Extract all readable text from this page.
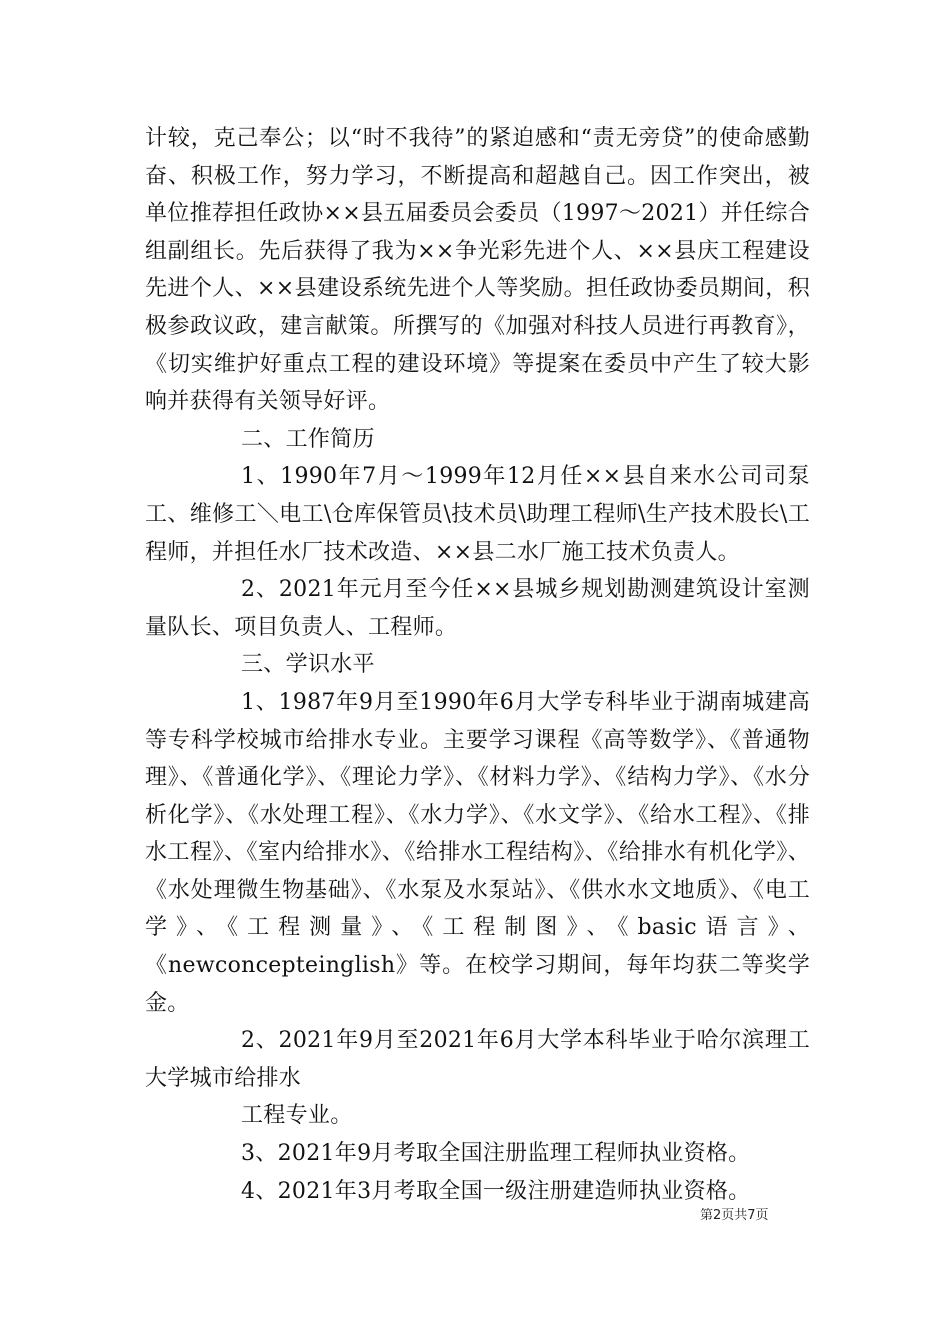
计较，克己奉公；以“时不我待”的紧迫感和“责无旁贷”的使命感勤奋、积极工作，努力学习，不断提高和超越自己。因工作突出，被单位推荐担任政协××县五届委员会委员（1997～2021）并任综合组副组长。先后获得了我为××争光彩先进个人、××县庆工程建设先进个人、××县建设系统先进个人等奖励。担任政协委员期间，积极参政议政，建言献策。所撰写的《加强对科技人员进行再教育》，《切实维护好重点工程的建设环境》等提案在委员中产生了较大影响并获得有关领导好评。

二、工作简历

1、1990年7月～1999年12月任××县自来水公司司泵工、维修工＼电工\仓库保管员\技术员\助理工程师\生产技术股长\工程师，并担任水厂技术改造、××县二水厂施工技术负责人。

2、2021年元月至今任××县城乡规划勘测建筑设计室测量队长、项目负责人、工程师。

三、学识水平

1、1987年9月至1990年6月大学专科毕业于湖南城建高等专科学校城市给排水专业。主要学习课程《高等数学》、《普通物理》、《普通化学》、《理论力学》、《材料力学》、《结构力学》、《水分析化学》、《水处理工程》、《水力学》、《水文学》、《给水工程》、《排水工程》、《室内给排水》、《给排水工程结构》、《给排水有机化学》、《水处理微生物基础》、《水泵及水泵站》、《供水水文地质》、《电工学》、《工程测量》、《工程制图》、《basic语言》、《newconcepteinglish》等。在校学习期间，每年均获二等奖学金。

2、2021年9月至2021年6月大学本科毕业于哈尔滨理工大学城市给排水

工程专业。

3、2021年9月考取全国注册监理工程师执业资格。

4、2021年3月考取全国一级注册建造师执业资格。

第2页共7页
